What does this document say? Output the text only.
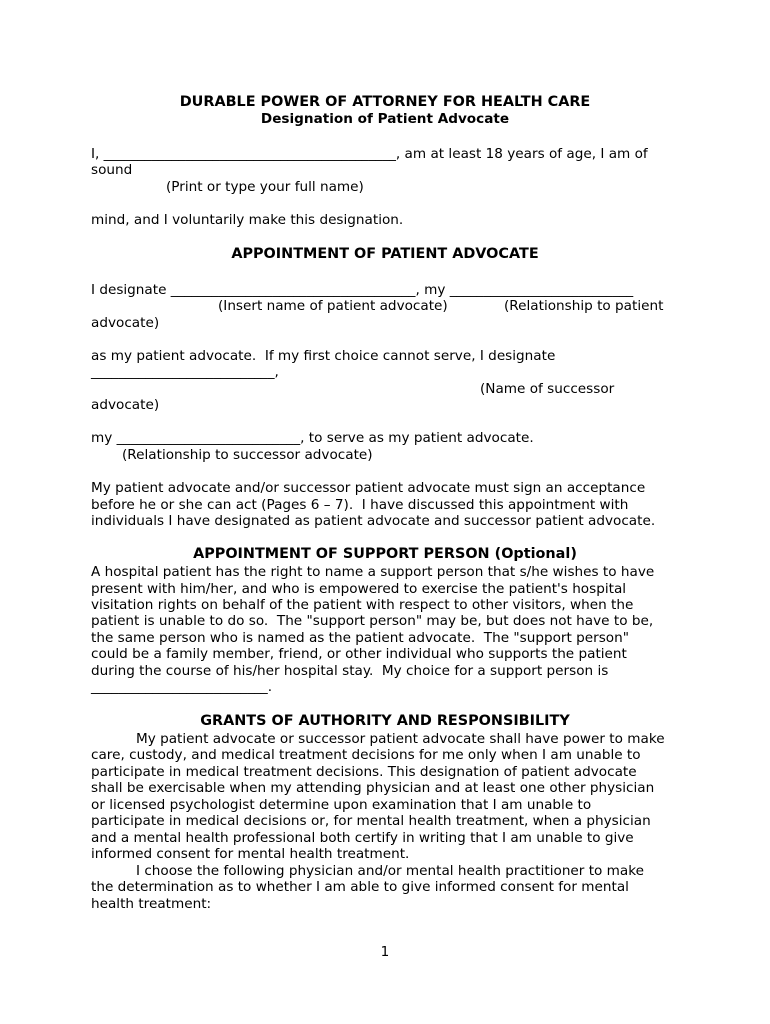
DURABLE POWER OF ATTORNEY FOR HEALTH CARE
Designation of Patient Advocate
I, ___________________________________________, am at least 18 years of age, I am of
sound
(Print or type your full name)
mind, and I voluntarily make this designation.
APPOINTMENT OF PATIENT ADVOCATE
I designate ____________________________________, my ___________________________
(Insert name of patient advocate)	(Relationship to patient
advocate)
as my patient advocate.  If my first choice cannot serve, I designate
___________________________,
(Name of successor
advocate)
my ___________________________, to serve as my patient advocate.
(Relationship to successor advocate)
My patient advocate and/or successor patient advocate must sign an acceptance
before he or she can act (Pages 6 – 7).  I have discussed this appointment with
individuals I have designated as patient advocate and successor patient advocate.
APPOINTMENT OF SUPPORT PERSON (Optional)
A hospital patient has the right to name a support person that s/he wishes to have
present with him/her, and who is empowered to exercise the patient's hospital
visitation rights on behalf of the patient with respect to other visitors, when the
patient is unable to do so.  The "support person" may be, but does not have to be,
the same person who is named as the patient advocate.  The "support person"
could be a family member, friend, or other individual who supports the patient
during the course of his/her hospital stay.  My choice for a support person is
__________________________.
GRANTS OF AUTHORITY AND RESPONSIBILITY
My patient advocate or successor patient advocate shall have power to make
care, custody, and medical treatment decisions for me only when I am unable to
participate in medical treatment decisions. This designation of patient advocate
shall be exercisable when my attending physician and at least one other physician
or licensed psychologist determine upon examination that I am unable to
participate in medical decisions or, for mental health treatment, when a physician
and a mental health professional both certify in writing that I am unable to give
informed consent for mental health treatment.
I choose the following physician and/or mental health practitioner to make
the determination as to whether I am able to give informed consent for mental
health treatment:
1
